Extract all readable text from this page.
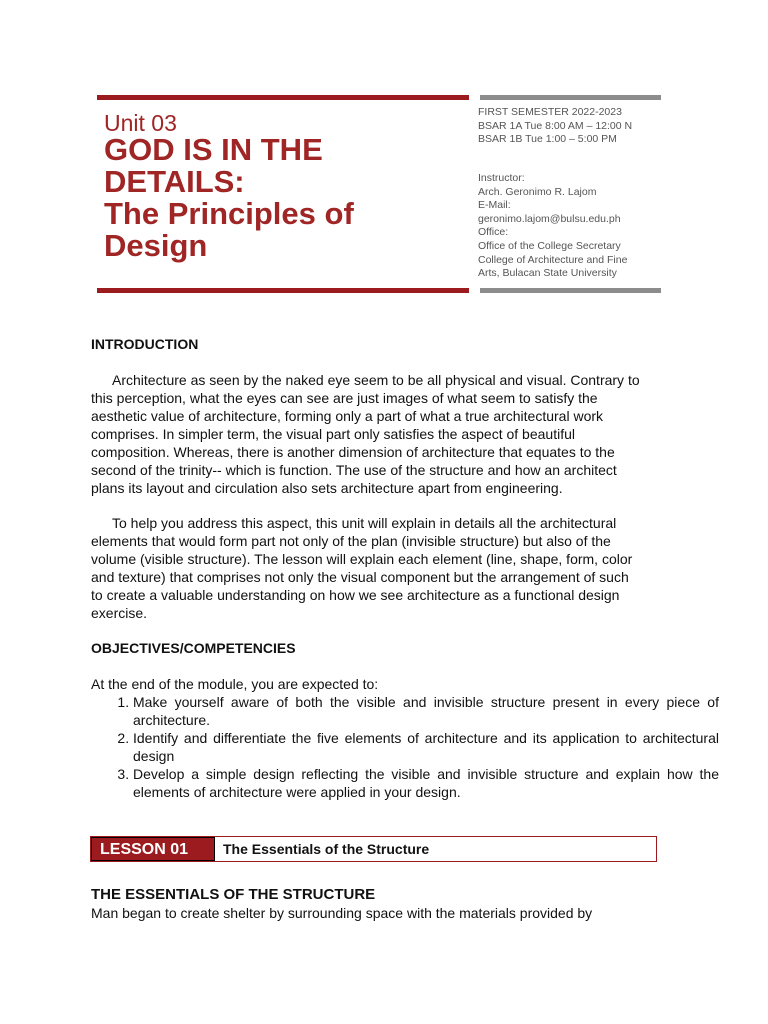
Unit 03
GOD IS IN THE
DETAILS:
The Principles of
Design
FIRST SEMESTER 2022-2023
BSAR 1A Tue 8:00 AM – 12:00 N
BSAR 1B Tue 1:00 – 5:00 PM
Instructor:
Arch. Geronimo R. Lajom
E-Mail:
geronimo.lajom@bulsu.edu.ph
Office:
Office of the College Secretary
College of Architecture and Fine
Arts, Bulacan State University
INTRODUCTION

Architecture as seen by the naked eye seem to be all physical and visual. Contrary to
this perception, what the eyes can see are just images of what seem to satisfy the
aesthetic value of architecture, forming only a part of what a true architectural work
comprises. In simpler term, the visual part only satisfies the aspect of beautiful
composition. Whereas, there is another dimension of architecture that equates to the
second of the trinity-- which is function. The use of the structure and how an architect
plans its layout and circulation also sets architecture apart from engineering.

To help you address this aspect, this unit will explain in details all the architectural
elements that would form part not only of the plan (invisible structure) but also of the
volume (visible structure). The lesson will explain each element (line, shape, form, color
and texture) that comprises not only the visual component but the arrangement of such
to create a valuable understanding on how we see architecture as a functional design
exercise.

OBJECTIVES/COMPETENCIES
At the end of the module, you are expected to:
1. Make yourself aware of both the visible and invisible structure present in every piece of architecture.
2. Identify and differentiate the five elements of architecture and its application to architectural design
3. Develop a simple design reflecting the visible and invisible structure and explain how the elements of architecture were applied in your design.
LESSON 01	The Essentials of the Structure
THE ESSENTIALS OF THE STRUCTURE
Man began to create shelter by surrounding space with the materials provided by
